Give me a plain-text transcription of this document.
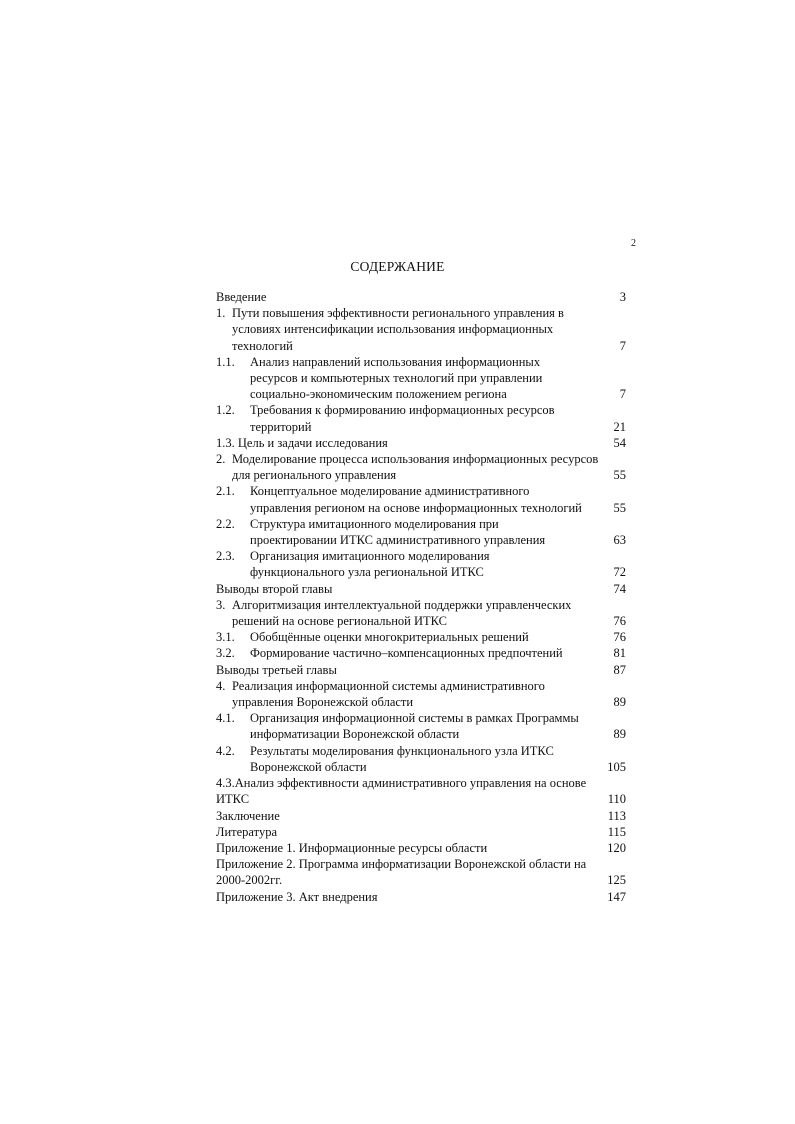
2
СОДЕРЖАНИЕ
Введение	3
1. Пути повышения эффективности регионального управления в условиях интенсификации использования информационных технологий	7
1.1.	Анализ направлений использования информационных ресурсов и компьютерных технологий при управлении социально-экономическим положением региона	7
1.2.	Требования к формированию информационных ресурсов территорий	21
1.3. Цель и задачи исследования	54
2. Моделирование процесса использования информационных ресурсов для регионального управления	55
2.1.	Концептуальное моделирование административного управления регионом на основе информационных технологий	55
2.2.	Структура имитационного моделирования при проектировании ИТКС административного управления	63
2.3.	Организация имитационного моделирования функционального узла региональной ИТКС	72
Выводы второй главы	74
3. Алгоритмизация интеллектуальной поддержки управленческих решений на основе региональной ИТКС	76
3.1.	Обобщённые оценки многокритериальных решений	76
3.2.	Формирование частично–компенсационных предпочтений	81
Выводы третьей главы	87
4. Реализация информационной системы административного управления Воронежской области	89
4.1.	Организация информационной системы в рамках Программы информатизации Воронежской области	89
4.2.	Результаты моделирования функционального узла ИТКС Воронежской области	105
4.3.Анализ эффективности административного управления на основе ИТКС	110
Заключение	113
Литература	115
Приложение 1. Информационные ресурсы области	120
Приложение 2. Программа информатизации Воронежской области на 2000-2002гг.	125
Приложение 3. Акт внедрения	147
